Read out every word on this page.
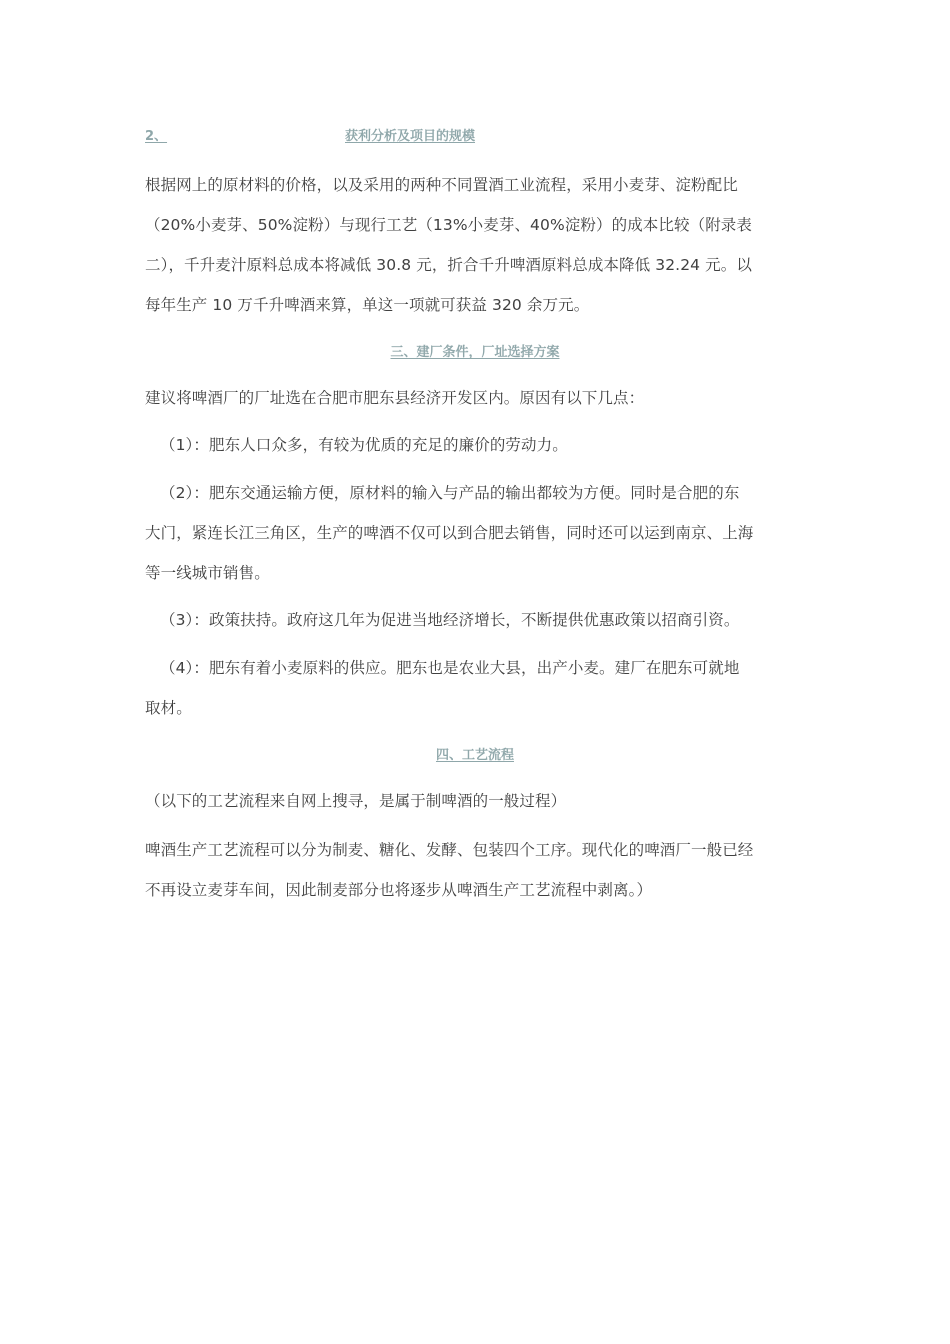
2、	获利分析及项目的规模
根据网上的原材料的价格，以及采用的两种不同置酒工业流程，采用小麦芽、淀粉配比
（20%小麦芽、50%淀粉）与现行工艺（13%小麦芽、40%淀粉）的成本比较（附录表
二），千升麦汁原料总成本将减低 30.8 元，折合千升啤酒原料总成本降低 32.24 元。以
每年生产 10 万千升啤酒来算，单这一项就可获益 320 余万元。
三、建厂条件，厂址选择方案
建议将啤酒厂的厂址选在合肥市肥东县经济开发区内。原因有以下几点：
（1）：肥东人口众多，有较为优质的充足的廉价的劳动力。
（2）：肥东交通运输方便，原材料的输入与产品的输出都较为方便。同时是合肥的东
大门，紧连长江三角区，生产的啤酒不仅可以到合肥去销售，同时还可以运到南京、上海
等一线城市销售。
（3）：政策扶持。政府这几年为促进当地经济增长，不断提供优惠政策以招商引资。
（4）：肥东有着小麦原料的供应。肥东也是农业大县，出产小麦。建厂在肥东可就地
取材。
四、工艺流程
（以下的工艺流程来自网上搜寻，是属于制啤酒的一般过程）
啤酒生产工艺流程可以分为制麦、糖化、发酵、包装四个工序。现代化的啤酒厂一般已经
不再设立麦芽车间，因此制麦部分也将逐步从啤酒生产工艺流程中剥离。）
